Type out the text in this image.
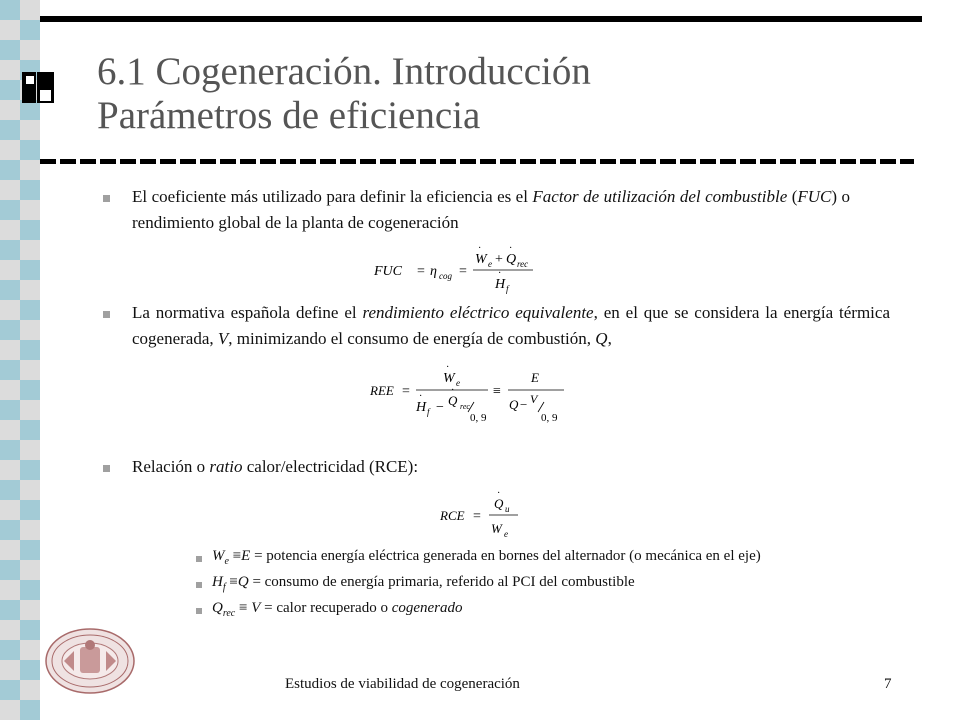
6.1 Cogeneración. Introducción
Parámetros de eficiencia
El coeficiente más utilizado para definir la eficiencia es el Factor de utilización del combustible (FUC) o rendimiento global de la planta de cogeneración
FUC = η cog =
W e
·
+ Q
·
rec
H
·
f
La normativa española define el rendimiento eléctrico equivalente, en el que se considera la energía térmica cogenerada, V, minimizando el consumo de energía de combustión, Q,
REE =
W
·
e
H
·
f − Q
·
rec
0, 9
≡
E
Q − V
0, 9
Relación o ratio calor/electricidad (RCE):
RCE =
Q
·
u
W e
$W_e \equiv E$ = potencia energía eléctrica generada en bornes del alternador (o mecánica en el eje)
$H_f \equiv Q$ = consumo de energía primaria, referido al PCI del combustible
$Q_{rec} \equiv V$ = calor recuperado o cogenerado
Estudios de viabilidad de cogeneración	7
